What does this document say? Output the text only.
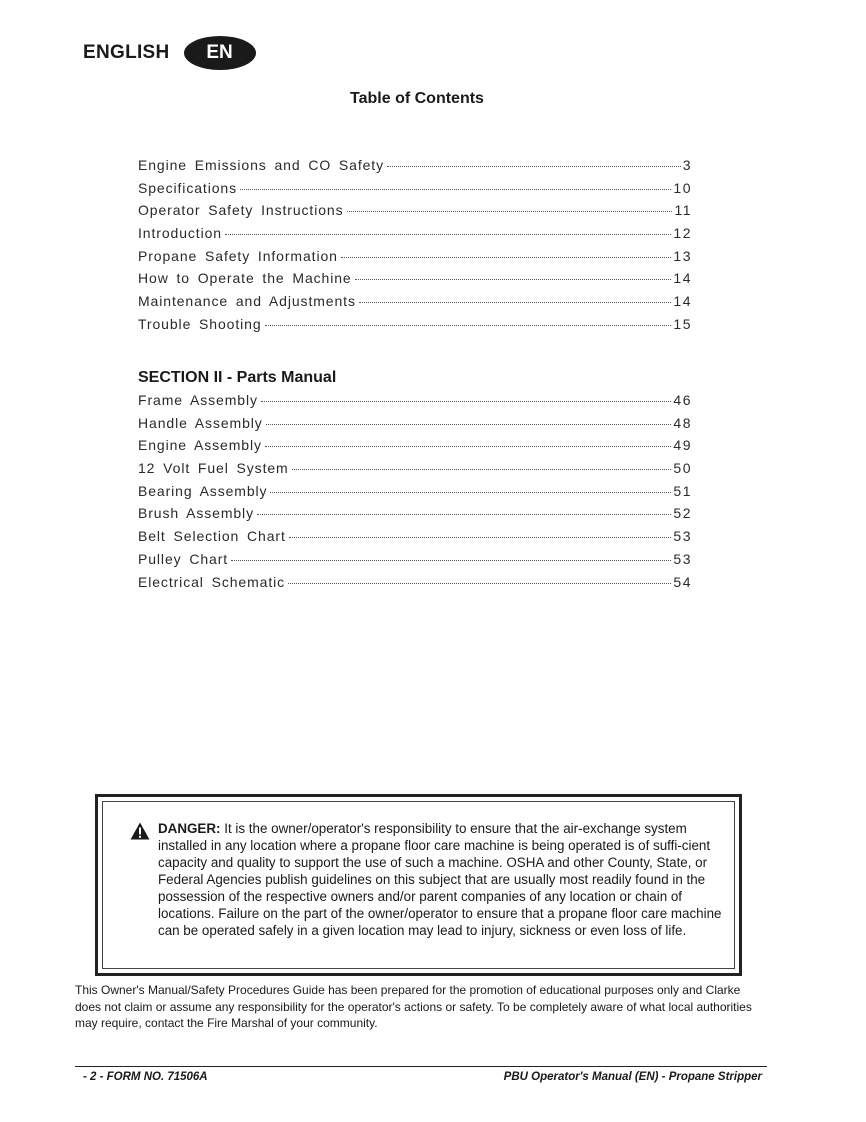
ENGLISH	EN
Table of Contents
Engine Emissions and CO Safety	3
Specifications	10
Operator Safety Instructions	11
Introduction	12
Propane Safety Information	13
How to Operate the Machine	14
Maintenance and Adjustments	14
Trouble Shooting	15
SECTION II - Parts Manual
Frame Assembly	46
Handle Assembly	48
Engine Assembly	49
12 Volt Fuel System	50
Bearing Assembly	51
Brush Assembly	52
Belt Selection Chart	53
Pulley Chart	53
Electrical Schematic	54

DANGER: It is the owner/operator's responsibility to ensure that the air-exchange system installed in any location where a propane floor care machine is being operated is of suffi-cient capacity and quality to support the use of such a machine. OSHA and other County, State, or Federal Agencies publish guidelines on this subject that are usually most readily found in the possession of the respective owners and/or parent companies of any location or chain of locations. Failure on the part of the owner/operator to ensure that a propane floor care machine can be operated safely in a given location may lead to injury, sickness or even loss of life.

This Owner's Manual/Safety Procedures Guide has been prepared for the promotion of educational purposes only and Clarke does not claim or assume any responsibility for the operator's actions or safety. To be completely aware of what local authorities may require, contact the Fire Marshal of your community.

- 2 - FORM NO. 71506A	PBU Operator's Manual (EN) - Propane Stripper
